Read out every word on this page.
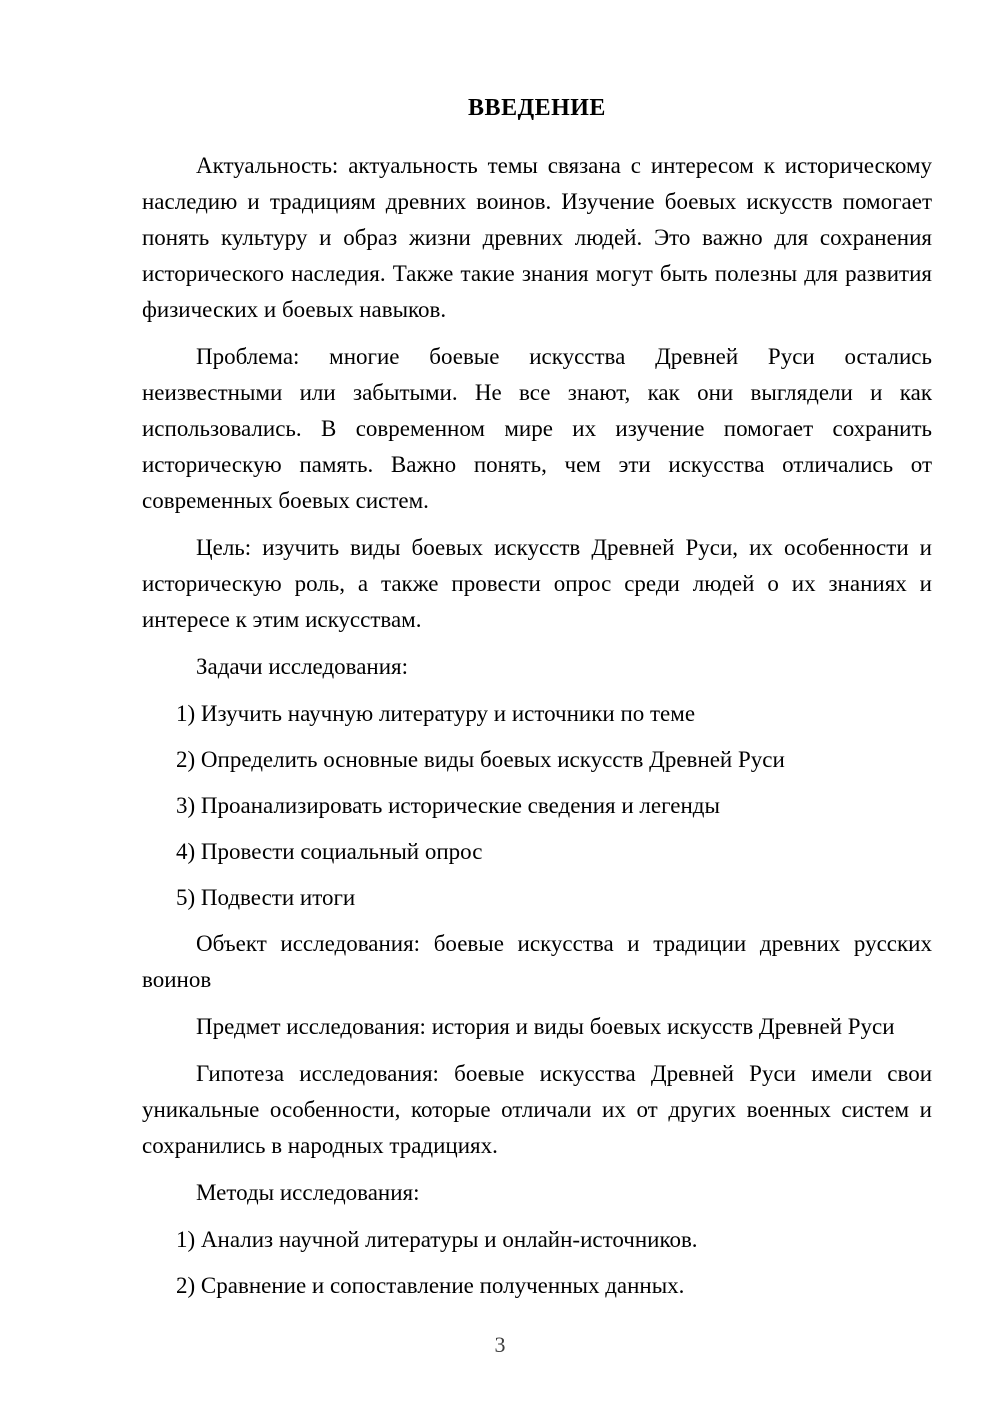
ВВЕДЕНИЕ

Актуальность: актуальность темы связана с интересом к историческому наследию и традициям древних воинов. Изучение боевых искусств помогает понять культуру и образ жизни древних людей. Это важно для сохранения исторического наследия. Также такие знания могут быть полезны для развития физических и боевых навыков.

Проблема: многие боевые искусства Древней Руси остались неизвестными или забытыми. Не все знают, как они выглядели и как использовались. В современном мире их изучение помогает сохранить историческую память. Важно понять, чем эти искусства отличались от современных боевых систем.

Цель: изучить виды боевых искусств Древней Руси, их особенности и историческую роль, а также провести опрос среди людей о их знаниях и интересе к этим искусствам.

Задачи исследования:

1) Изучить научную литературу и источники по теме

2) Определить основные виды боевых искусств Древней Руси

3) Проанализировать исторические сведения и легенды

4) Провести социальный опрос

5) Подвести итоги

Объект исследования: боевые искусства и традиции древних русских воинов

Предмет исследования: история и виды боевых искусств Древней Руси

Гипотеза исследования: боевые искусства Древней Руси имели свои уникальные особенности, которые отличали их от других военных систем и сохранились в народных традициях.

Методы исследования:

1) Анализ научной литературы и онлайн-источников.

2) Сравнение и сопоставление полученных данных.

3
